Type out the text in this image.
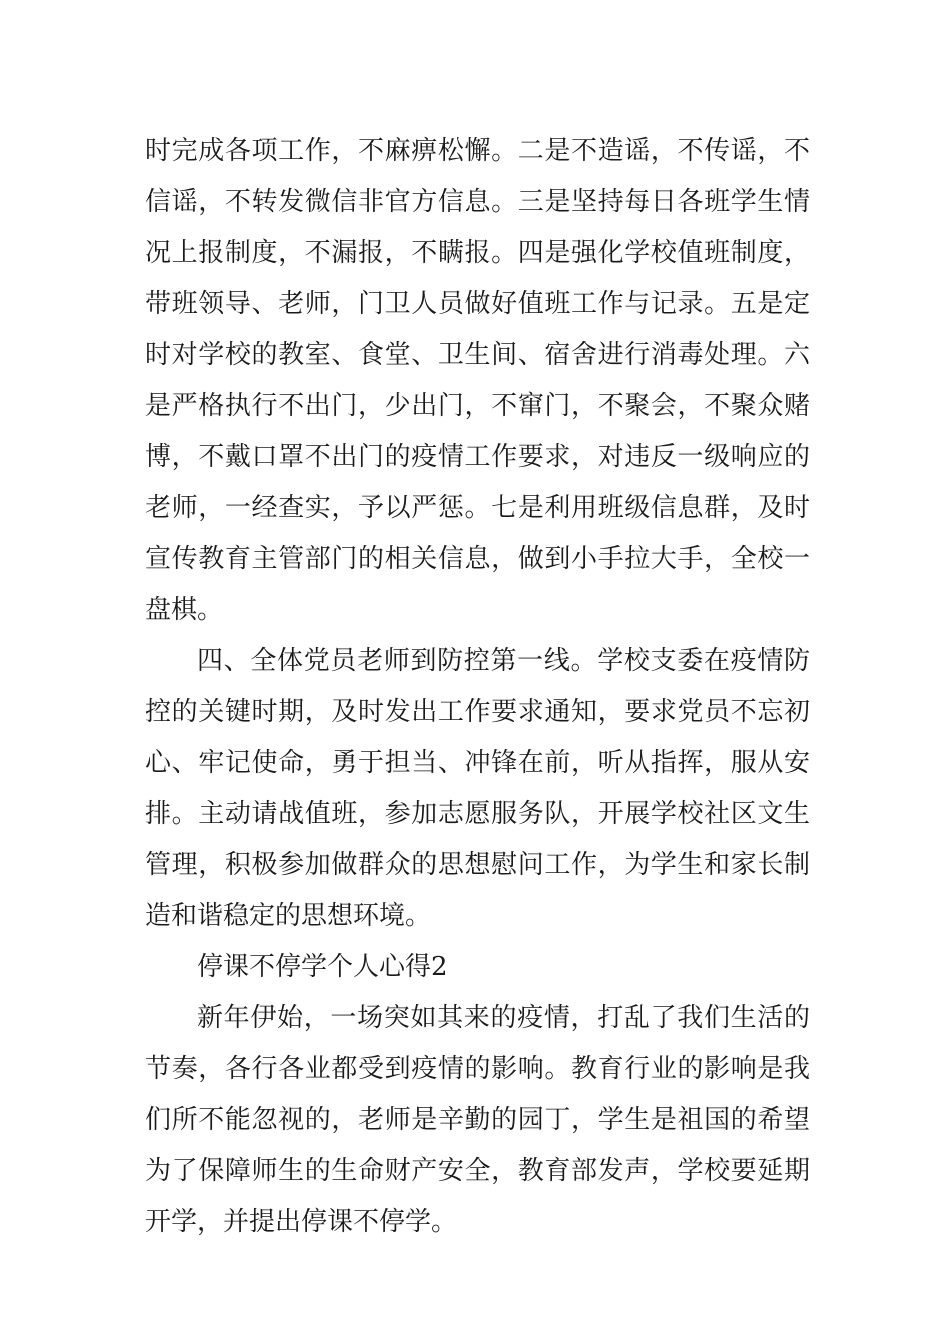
时完成各项工作，不麻痹松懈。二是不造谣，不传谣，不
信谣，不转发微信非官方信息。三是坚持每日各班学生情
况上报制度，不漏报，不瞒报。四是强化学校值班制度，
带班领导、老师，门卫人员做好值班工作与记录。五是定
时对学校的教室、食堂、卫生间、宿舍进行消毒处理。六
是严格执行不出门，少出门，不窜门，不聚会，不聚众赌
博，不戴口罩不出门的疫情工作要求，对违反一级响应的
老师，一经查实，予以严惩。七是利用班级信息群，及时
宣传教育主管部门的相关信息，做到小手拉大手，全校一
盘棋。
四、全体党员老师到防控第一线。学校支委在疫情防
控的关键时期，及时发出工作要求通知，要求党员不忘初
心、牢记使命，勇于担当、冲锋在前，听从指挥，服从安
排。主动请战值班，参加志愿服务队，开展学校社区文生
管理，积极参加做群众的思想慰问工作，为学生和家长制
造和谐稳定的思想环境。
停课不停学个人心得2
新年伊始，一场突如其来的疫情，打乱了我们生活的
节奏，各行各业都受到疫情的影响。教育行业的影响是我
们所不能忽视的，老师是辛勤的园丁，学生是祖国的希望
为了保障师生的生命财产安全，教育部发声，学校要延期
开学，并提出停课不停学。
